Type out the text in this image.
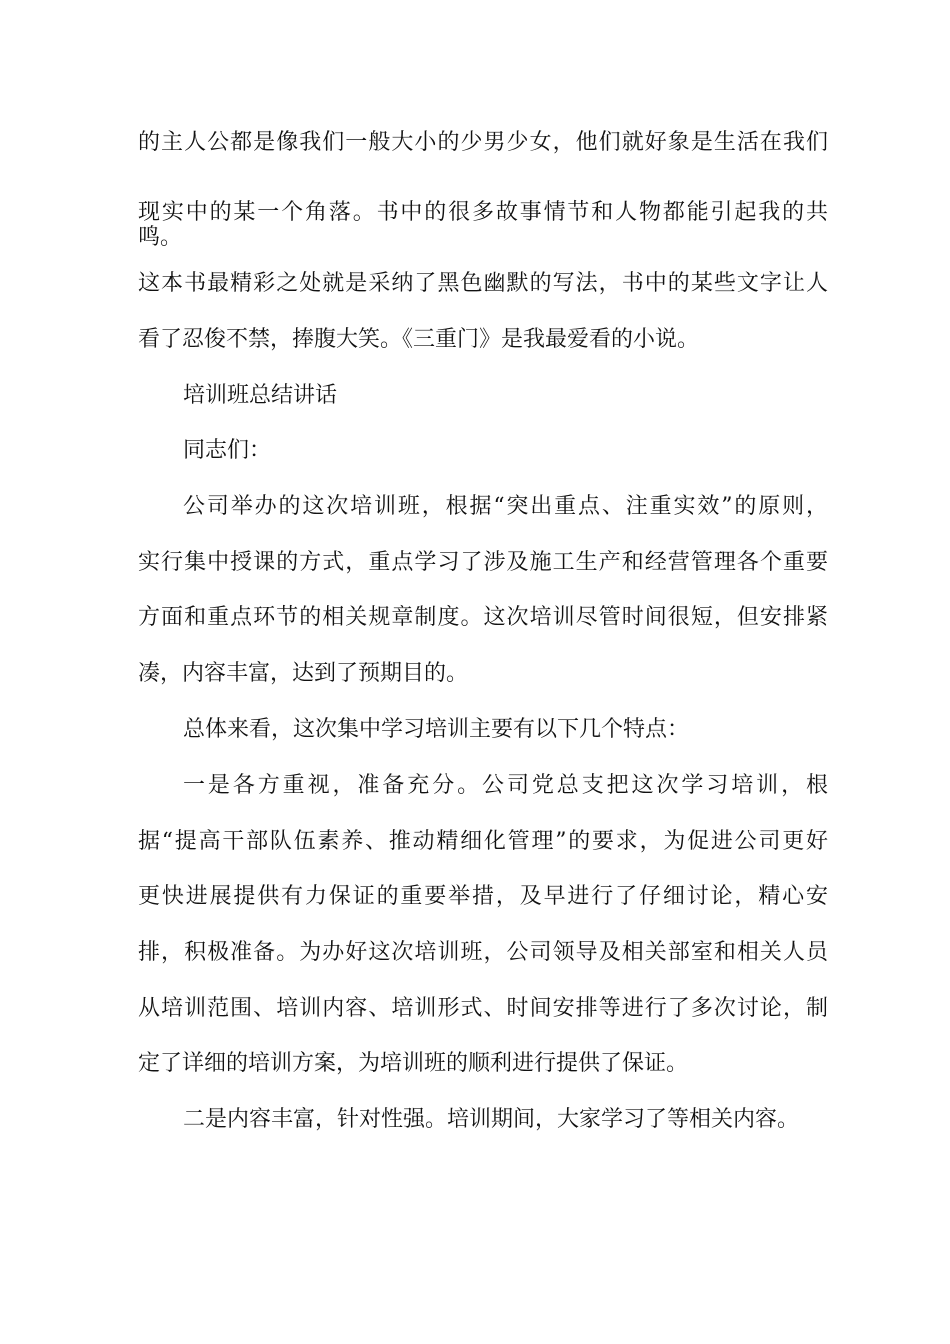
的主人公都是像我们一般大小的少男少女，他们就好象是生活在我们
现实中的某一个角落。书中的很多故事情节和人物都能引起我的共
鸣。
这本书最精彩之处就是采纳了黑色幽默的写法，书中的某些文字让人
看了忍俊不禁，捧腹大笑。《三重门》是我最爱看的小说。
培训班总结讲话
同志们：
公司举办的这次培训班，根据“突出重点、注重实效”的原则，
实行集中授课的方式，重点学习了涉及施工生产和经营管理各个重要
方面和重点环节的相关规章制度。这次培训尽管时间很短，但安排紧
凑，内容丰富，达到了预期目的。
总体来看，这次集中学习培训主要有以下几个特点：
一是各方重视，准备充分。公司党总支把这次学习培训，根
据“提高干部队伍素养、推动精细化管理”的要求，为促进公司更好
更快进展提供有力保证的重要举措，及早进行了仔细讨论，精心安
排，积极准备。为办好这次培训班，公司领导及相关部室和相关人员
从培训范围、培训内容、培训形式、时间安排等进行了多次讨论，制
定了详细的培训方案，为培训班的顺利进行提供了保证。
二是内容丰富，针对性强。培训期间，大家学习了等相关内容。
